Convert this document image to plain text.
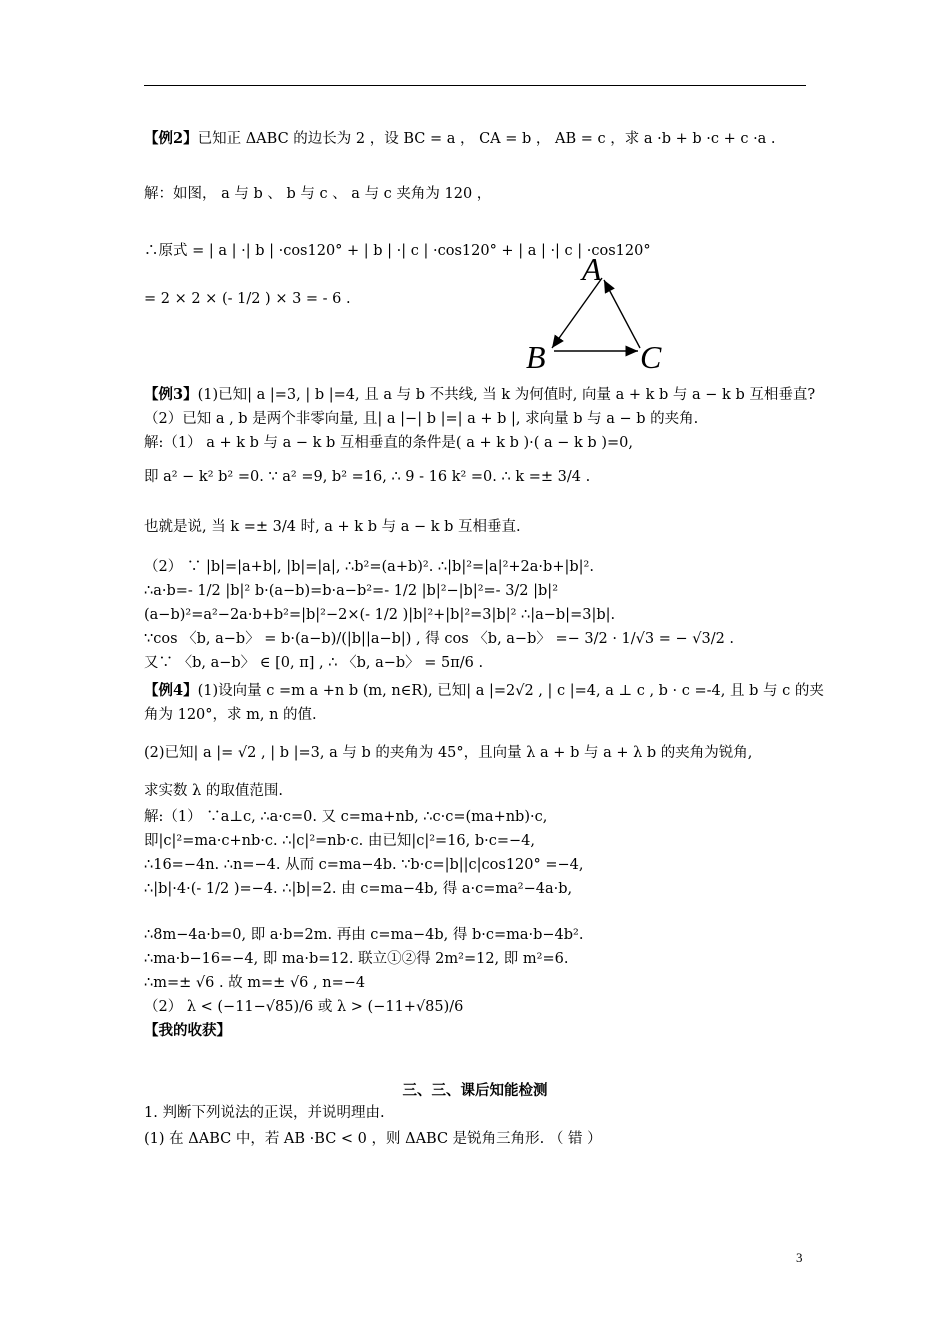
【例2】已知正 ΔABC 的边长为 2 ，设 BC = a ， CA = b ， AB = c ，求 a ·b + b ·c + c ·a .
解：如图， a 与 b 、 b 与 c 、 a 与 c 夹角为 120 ，
∴原式 = | a | ·| b | ·cos120° + | b | ·| c | ·cos120° + | a | ·| c | ·cos120°
= 2 × 2 × (- 1/2 ) × 3 = - 6 .
【例3】(1)已知| a |=3, | b |=4, 且 a 与 b 不共线, 当 k 为何值时, 向量 a + k b 与 a − k b 互相垂直?
（2）已知 a , b 是两个非零向量, 且| a |−| b |=| a + b |, 求向量 b 与 a − b 的夹角.
解:（1） a + k b 与 a − k b 互相垂直的条件是( a + k b )·( a − k b )=0,
即 a² − k² b² =0. ∵ a² =9, b² =16, ∴ 9 - 16 k² =0. ∴ k =± 3/4 .
也就是说, 当 k =± 3/4 时, a + k b 与 a − k b 互相垂直.
（2） ∵ |b|=|a+b|, |b|=|a|, ∴b²=(a+b)². ∴|b|²=|a|²+2a·b+|b|².
∴a·b=- 1/2 |b|² b·(a−b)=b·a−b²=- 1/2 |b|²−|b|²=- 3/2 |b|²
(a−b)²=a²−2a·b+b²=|b|²−2×(- 1/2 )|b|²+|b|²=3|b|² ∴|a−b|=3|b|.
∵cos 〈b, a−b〉 = b·(a−b)/(|b||a−b|) , 得 cos 〈b, a−b〉 =− 3/2 · 1/√3 = − √3/2 .
又∵ 〈b, a−b〉 ∈ [0, π] , ∴ 〈b, a−b〉 = 5π/6 .
【例4】(1)设向量 c =m a +n b (m, n∈R), 已知| a |=2√2 , | c |=4, a ⊥ c , b · c =-4, 且 b 与 c 的夹
角为 120°，求 m, n 的值.
(2)已知| a |= √2 , | b |=3, a 与 b 的夹角为 45°，且向量 λ a + b 与 a + λ b 的夹角为锐角,
求实数 λ 的取值范围.
解:（1） ∵a⊥c, ∴a·c=0. 又 c=ma+nb, ∴c·c=(ma+nb)·c,
即|c|²=ma·c+nb·c. ∴|c|²=nb·c. 由已知|c|²=16, b·c=−4,
∴16=−4n. ∴n=−4. 从而 c=ma−4b. ∵b·c=|b||c|cos120° =−4,
∴|b|·4·(- 1/2 )=−4. ∴|b|=2. 由 c=ma−4b, 得 a·c=ma²−4a·b,
∴8m−4a·b=0, 即 a·b=2m. 再由 c=ma−4b, 得 b·c=ma·b−4b².
∴ma·b−16=−4, 即 ma·b=12. 联立①②得 2m²=12, 即 m²=6.
∴m=± √6 . 故 m=± √6 , n=−4
（2） λ < (−11−√85)/6 或 λ > (−11+√85)/6
【我的收获】
三、三、课后知能检测
1. 判断下列说法的正误，并说明理由.
(1) 在 ΔABC 中，若 AB ·BC < 0 ，则 ΔABC 是锐角三角形. （ 错 ）
A
B	C
3
